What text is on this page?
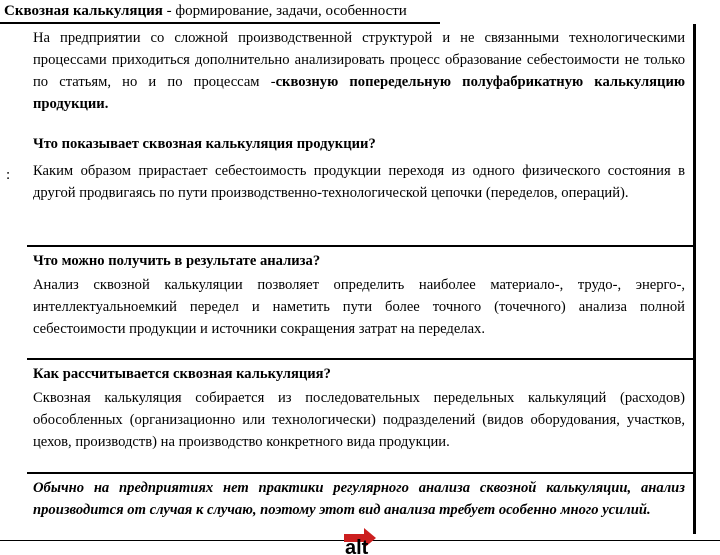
Сквозная калькуляция - формирование, задачи, особенности
На предприятии со сложной производственной структурой и не связанными технологическими процессами приходиться дополнительно анализировать процесс образование себестоимости не только по статьям, но и по процессам -сквозную попередельную полуфабрикатную калькуляцию продукции.
Что показывает сквозная калькуляция продукции?
Каким образом прирастает себестоимость продукции переходя из одного физического состояния в другой продвигаясь по пути производственно-технологической цепочки (переделов, операций).
Что можно получить в результате анализа?
Анализ сквозной калькуляции позволяет определить наиболее материало-, трудо-, энерго-, интеллектуальноемкий передел и наметить пути более точного (точечного) анализа полной себестоимости продукции и источники сокращения затрат на переделах.
Как рассчитывается сквозная калькуляция?
Сквозная калькуляция собирается из последовательных передельных калькуляций (расходов) обособленных (организационно или технологически) подразделений (видов оборудования, участков, цехов, производств) на производство конкретного вида продукции.
Обычно на предприятиях нет практики регулярного анализа сквозной калькуляции, анализ производится от случая к случаю, поэтому этот вид анализа требует особенно много усилий.
:
alt
